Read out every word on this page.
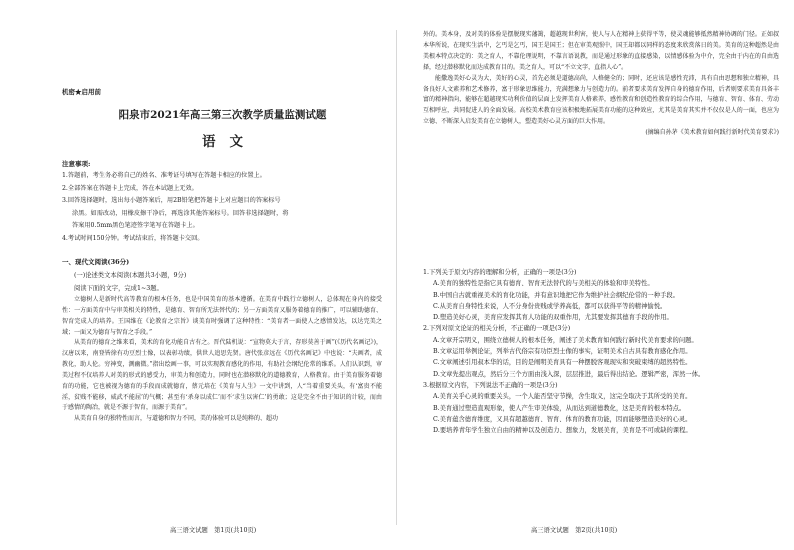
机密★启用前
阳泉市2021年高三第三次教学质量监测试题
语文
注意事项:

1.答题前，考生务必将自己的姓名、准考证号填写在答题卡相应的位置上。

2.全部答案在答题卡上完成，答在本试题上无效。

3.回答选择题时，选出每小题答案后，用2B铅笔把答题卡上对应题目的答案标号

涂黑。如需改动，用橡皮擦干净后，再选涂其他答案标号。回答非选择题时，将

答案用0.5mm黑色笔迹签字笔写在答题卡上。

4.考试时间150分钟。考试结束后，将答题卡交回。

一、现代文阅读(36分)
(一)论述类文本阅读(本题共3小题，9分)
阅读下面的文字，完成1~3题。

立德树人是新时代高等教育的根本任务，也是中国美育的基本遵循。在美育中践行立德树人，总体现在身内的接受性：一方面美育中与审美相关的特性，是德育、智育所无法替代的；另一方面美育又服务着德育的推广，可以辅助德育、智育完成人的培养。王国维在《论教育之宗旨》谈美育时强调了这种特性：“美育者一面使人之感情发达，以达完美之域；一面又为德育与智育之手段。”

从美育的德育之维来看，美术的育化功能自古有之。晋代陆机说：“宣物莫大于言，存形莫善于画”(《历代名画记》)，汉唐以来，南登皆徐有功豆烈士像，以表彰功绩，供世人追思先贤。唐代张彦远在《历代名画记》中也说：“夫画者，成教化，助人伦。穷神变，测幽微。”指出绘画一事，可以实现教育感化的作用，有助社会纲纪伦常的维系。人们认识到，审美过程不仅培养人对美的形式的感受力，审美力和创造力，同时也在潜移默化的道德教育，人格教育。由于美育服务着德育的功能，它也被视为德育的手段而成就德育，蔡元培在《美育与人生》一文中讲到，人“当着重要关头，有‘富贵不能淫，贫贱不能移，威武不能屈’的气概；甚至有‘杀身以成仁’而不‘求生以害仁’的勇敢；这是完全不由于知识的计较，而由于感情的陶冶，就是不源于智育，而源于美育”。

从美育自身的独特性而言，与道德和智力不同，美的体验可以是纯粹的、超功

高三语文试题　第1页(共10页)

外的。美本身，及对美的体验是摆脱现实藩篱，超越现世利害，使人与人在精神上获得平等，使灵魂能够抵然精神协调的门径。正如叔本华所说，在现实生活中，乞丐是乞丐，国王是国王；但在审美观照中，国王却都以同样的态度来欣赏落日的美。美育的这种超然是由美根本特点决定的：美之育人，不靠伦理说明，不靠言语说教，而是通过形象的直接感染，以情感体验为中介，完全由于内在的自由选择，经过潜移默化而达成教育目的。美之育人，可以“不立文字，直指人心”。

能撒逸美好心灵为大，美好的心灵，首先必须是道德高尚，人格健全的；同时，还应该是感性充沛，具有自由思想和独立精神，具备良好人文素养和艺术修养，富于形象思维能力，充满想象力与创造力的。前者要求美育发挥自身的德育作用，后者则要求美育具备丰富的精神指向，能够在超越现实功利价值的层面上发挥美育人格素养，感性教育和创造性教育的综合作用，与德育、智育、体育、劳动互相呼应，共同促进人的全面发展。高校美术教育应该积极地拓展美育功能的这种效应，尤其是美育其实并不仅仅是人的一面，也应为立德、不断深入启发美育在立德树人，塑造美好心灵方面的巨大作用。

(摘编自孙茅《美术教育如何践行新时代美育要求》)

1.下列关于原文内容的理解和分析，正确的一项是(3分)

A.美育的独特性是指它具有德育、智育无法替代的与美相关的体验和审美特性。

B.中国自古就重视美术的育化功能，并有意识地把它作为维护社会纲纪伦常的一种手段。

C.从美育自身特性来说，人不分身份贵贱或学养高低，都可以获得平等的精神愉悦。

D.塑造美好心灵，美育应发挥其育人功能的双重作用，尤其要发挥其德育手段的作用。

2.下列对原文论证的相关分析，不正确的一项是(3分)

A.文章开宗明义，围绕立德树人的根本任务，阐述了美术教育如何践行新时代美育要求的问题。

B.文章运用举例论证，列举古代俗宗有功臣烈士像的事实，证明美术自古具有教育感化作用。

C.文章阐述引用叔本华的话，目的是阐明美育具有一种摆脱客观现实和突破束缚的超然特性。

D.文章先提出观点，然后分三个方面由浅入深，层层推进，最后得出结论。逻辑严密，浑然一体。

3.根据原文内容，下列说法不正确的一项是(3分)

A.美育关乎心灵的重要关头，一个人能否坚守节操，舍生取义，这完全取决于其所受的美育。

B.美育通过塑造直观形象，使人产生审美体验，从而达到道德教化，这是美育的根本特点。

C.美育蕴含德育维度，又具有超越德育、智育、体育的教育功能，因而能够塑造美好的心灵。

D.要培养青年学生独立自由的精神以及创造力、想象力，发展美育，美育是不可或缺的课程。

高三语文试题　第2页(共10页)
